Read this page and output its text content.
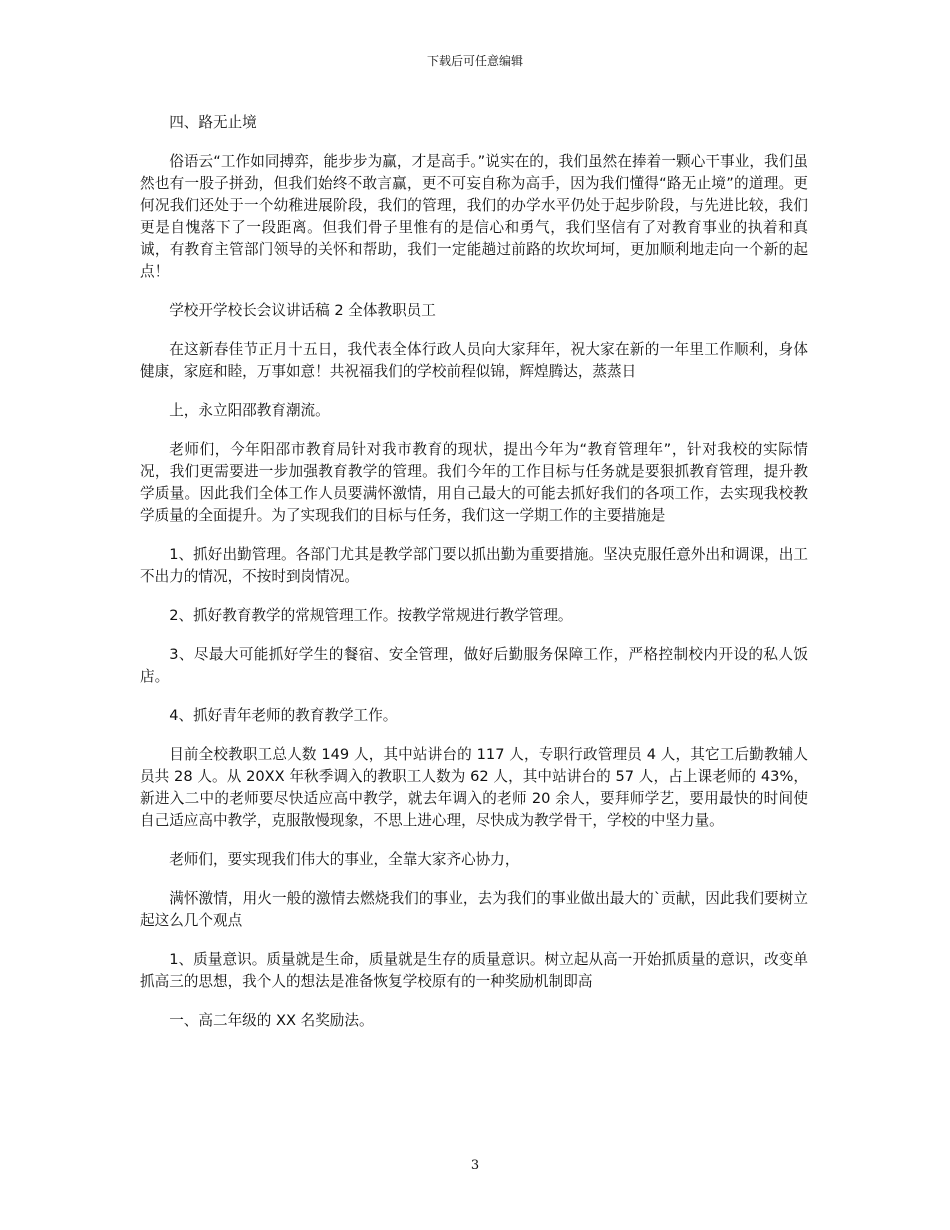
下载后可任意编辑

四、路无止境

俗语云“工作如同搏弈，能步步为赢，才是高手。”说实在的，我们虽然在捧着一颗心干事业，我们虽然也有一股子拼劲，但我们始终不敢言赢，更不可妄自称为高手，因为我们懂得“路无止境”的道理。更何况我们还处于一个幼稚进展阶段，我们的管理，我们的办学水平仍处于起步阶段，与先进比较，我们更是自愧落下了一段距离。但我们骨子里惟有的是信心和勇气，我们坚信有了对教育事业的执着和真诚，有教育主管部门领导的关怀和帮助，我们一定能趟过前路的坎坎坷坷，更加顺利地走向一个新的起点！

学校开学校长会议讲话稿 2 全体教职员工

在这新春佳节正月十五日，我代表全体行政人员向大家拜年，祝大家在新的一年里工作顺利，身体健康，家庭和睦，万事如意！共祝福我们的学校前程似锦，辉煌腾达，蒸蒸日

上，永立阳邵教育潮流。

老师们，今年阳邵市教育局针对我市教育的现状，提出今年为“教育管理年”，针对我校的实际情况，我们更需要进一步加强教育教学的管理。我们今年的工作目标与任务就是要狠抓教育管理，提升教学质量。因此我们全体工作人员要满怀激情，用自己最大的可能去抓好我们的各项工作，去实现我校教学质量的全面提升。为了实现我们的目标与任务，我们这一学期工作的主要措施是

1、抓好出勤管理。各部门尤其是教学部门要以抓出勤为重要措施。坚决克服任意外出和调课，出工不出力的情况，不按时到岗情况。

2、抓好教育教学的常规管理工作。按教学常规进行教学管理。

3、尽最大可能抓好学生的餐宿、安全管理，做好后勤服务保障工作，严格控制校内开设的私人饭店。

4、抓好青年老师的教育教学工作。

目前全校教职工总人数 149 人，其中站讲台的 117 人，专职行政管理员 4 人，其它工后勤教辅人员共 28 人。从 20XX 年秋季调入的教职工人数为 62 人，其中站讲台的 57 人，占上课老师的 43%，新进入二中的老师要尽快适应高中教学，就去年调入的老师 20 余人，要拜师学艺，要用最快的时间使自己适应高中教学，克服散慢现象，不思上进心理，尽快成为教学骨干，学校的中坚力量。

老师们，要实现我们伟大的事业，全靠大家齐心协力，

满怀激情，用火一般的激情去燃烧我们的事业，去为我们的事业做出最大的`贡献，因此我们要树立起这么几个观点

1、质量意识。质量就是生命，质量就是生存的质量意识。树立起从高一开始抓质量的意识，改变单抓高三的思想，我个人的想法是准备恢复学校原有的一种奖励机制即高

一、高二年级的 XX 名奖励法。

3
